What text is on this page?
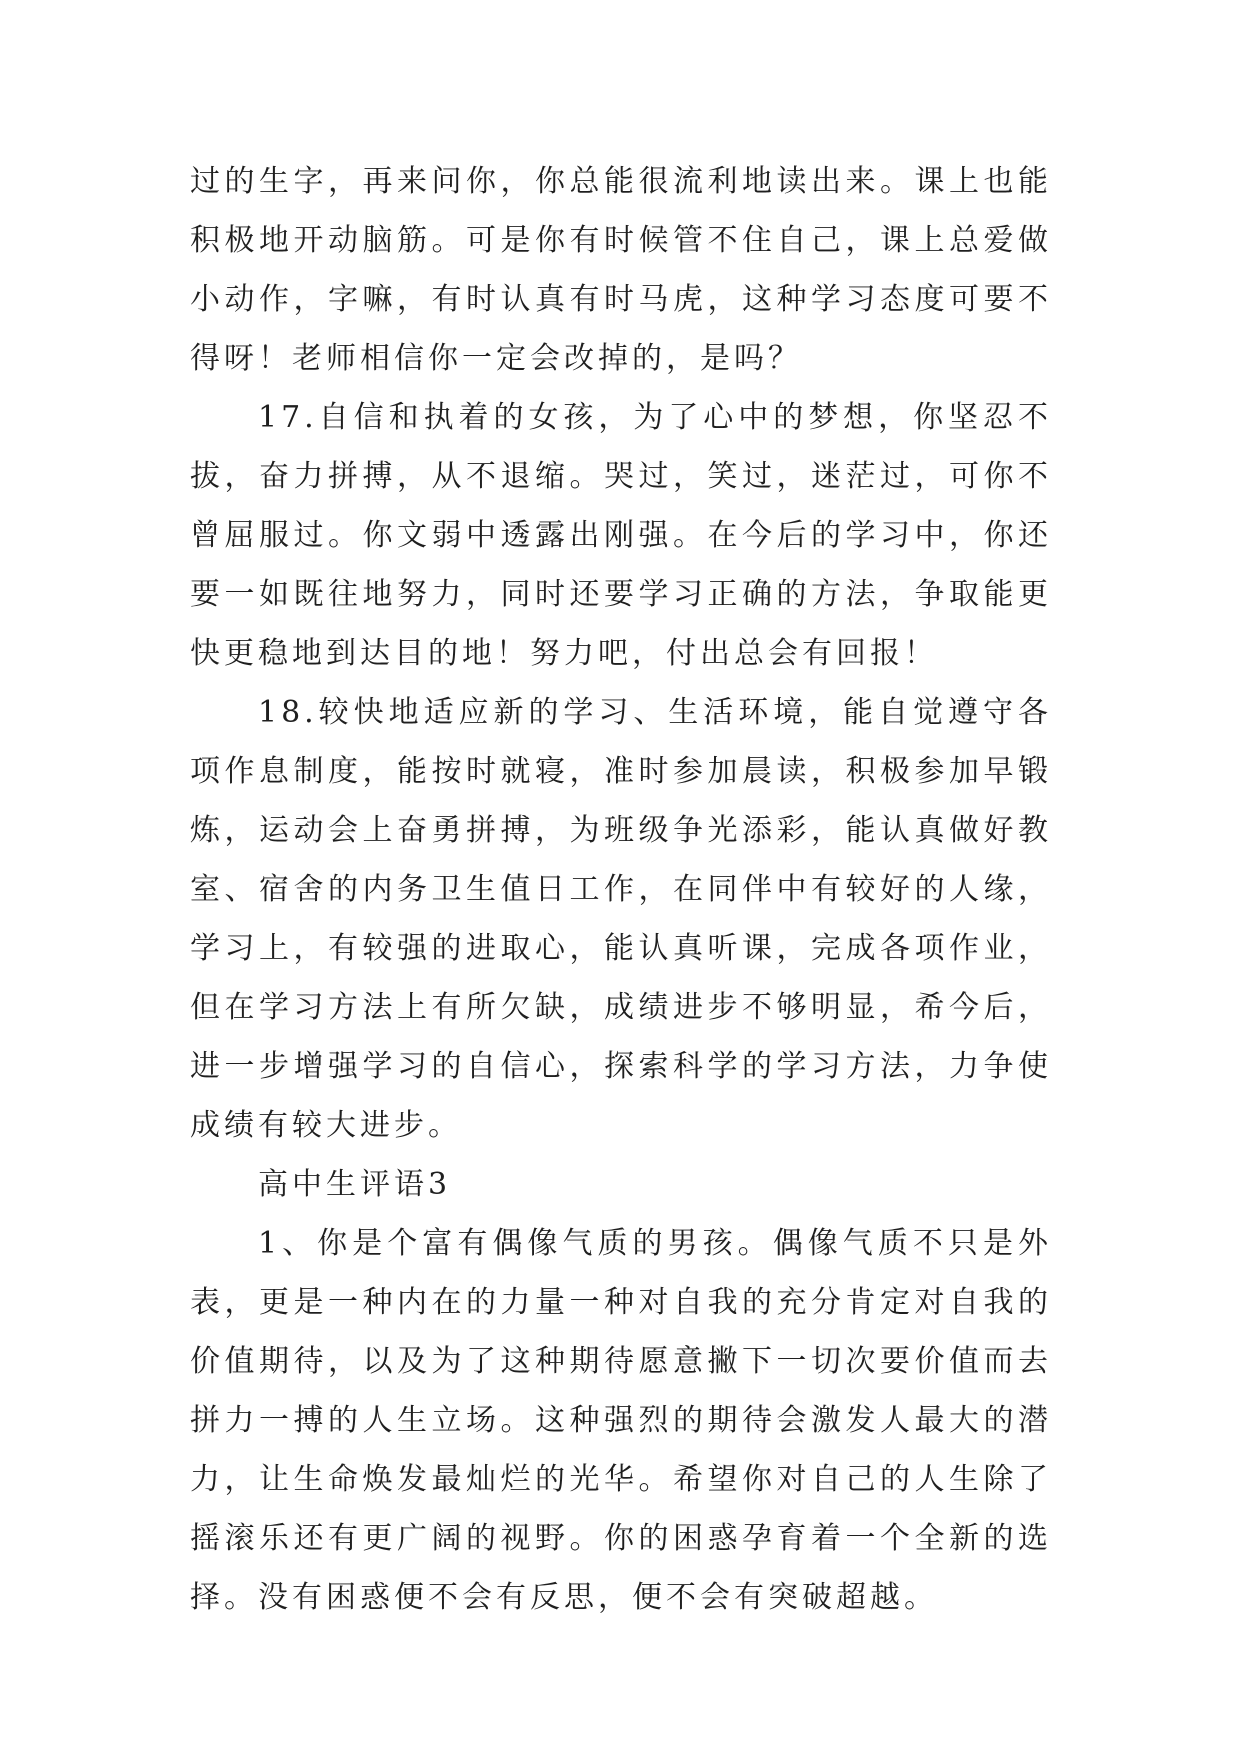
过的生字，再来问你，你总能很流利地读出来。课上也能积极地开动脑筋。可是你有时候管不住自己，课上总爱做小动作，字嘛，有时认真有时马虎，这种学习态度可要不得呀！老师相信你一定会改掉的，是吗？

17.自信和执着的女孩，为了心中的梦想，你坚忍不拔，奋力拼搏，从不退缩。哭过，笑过，迷茫过，可你不曾屈服过。你文弱中透露出刚强。在今后的学习中，你还要一如既往地努力，同时还要学习正确的方法，争取能更快更稳地到达目的地！努力吧，付出总会有回报！

18.较快地适应新的学习、生活环境，能自觉遵守各项作息制度，能按时就寝，准时参加晨读，积极参加早锻炼，运动会上奋勇拼搏，为班级争光添彩，能认真做好教室、宿舍的内务卫生值日工作，在同伴中有较好的人缘，学习上，有较强的进取心，能认真听课，完成各项作业，但在学习方法上有所欠缺，成绩进步不够明显，希今后，进一步增强学习的自信心，探索科学的学习方法，力争使成绩有较大进步。

高中生评语3

1、你是个富有偶像气质的男孩。偶像气质不只是外表，更是一种内在的力量一种对自我的充分肯定对自我的价值期待，以及为了这种期待愿意撇下一切次要价值而去拼力一搏的人生立场。这种强烈的期待会激发人最大的潜力，让生命焕发最灿烂的光华。希望你对自己的人生除了摇滚乐还有更广阔的视野。你的困惑孕育着一个全新的选择。没有困惑便不会有反思，便不会有突破超越。
